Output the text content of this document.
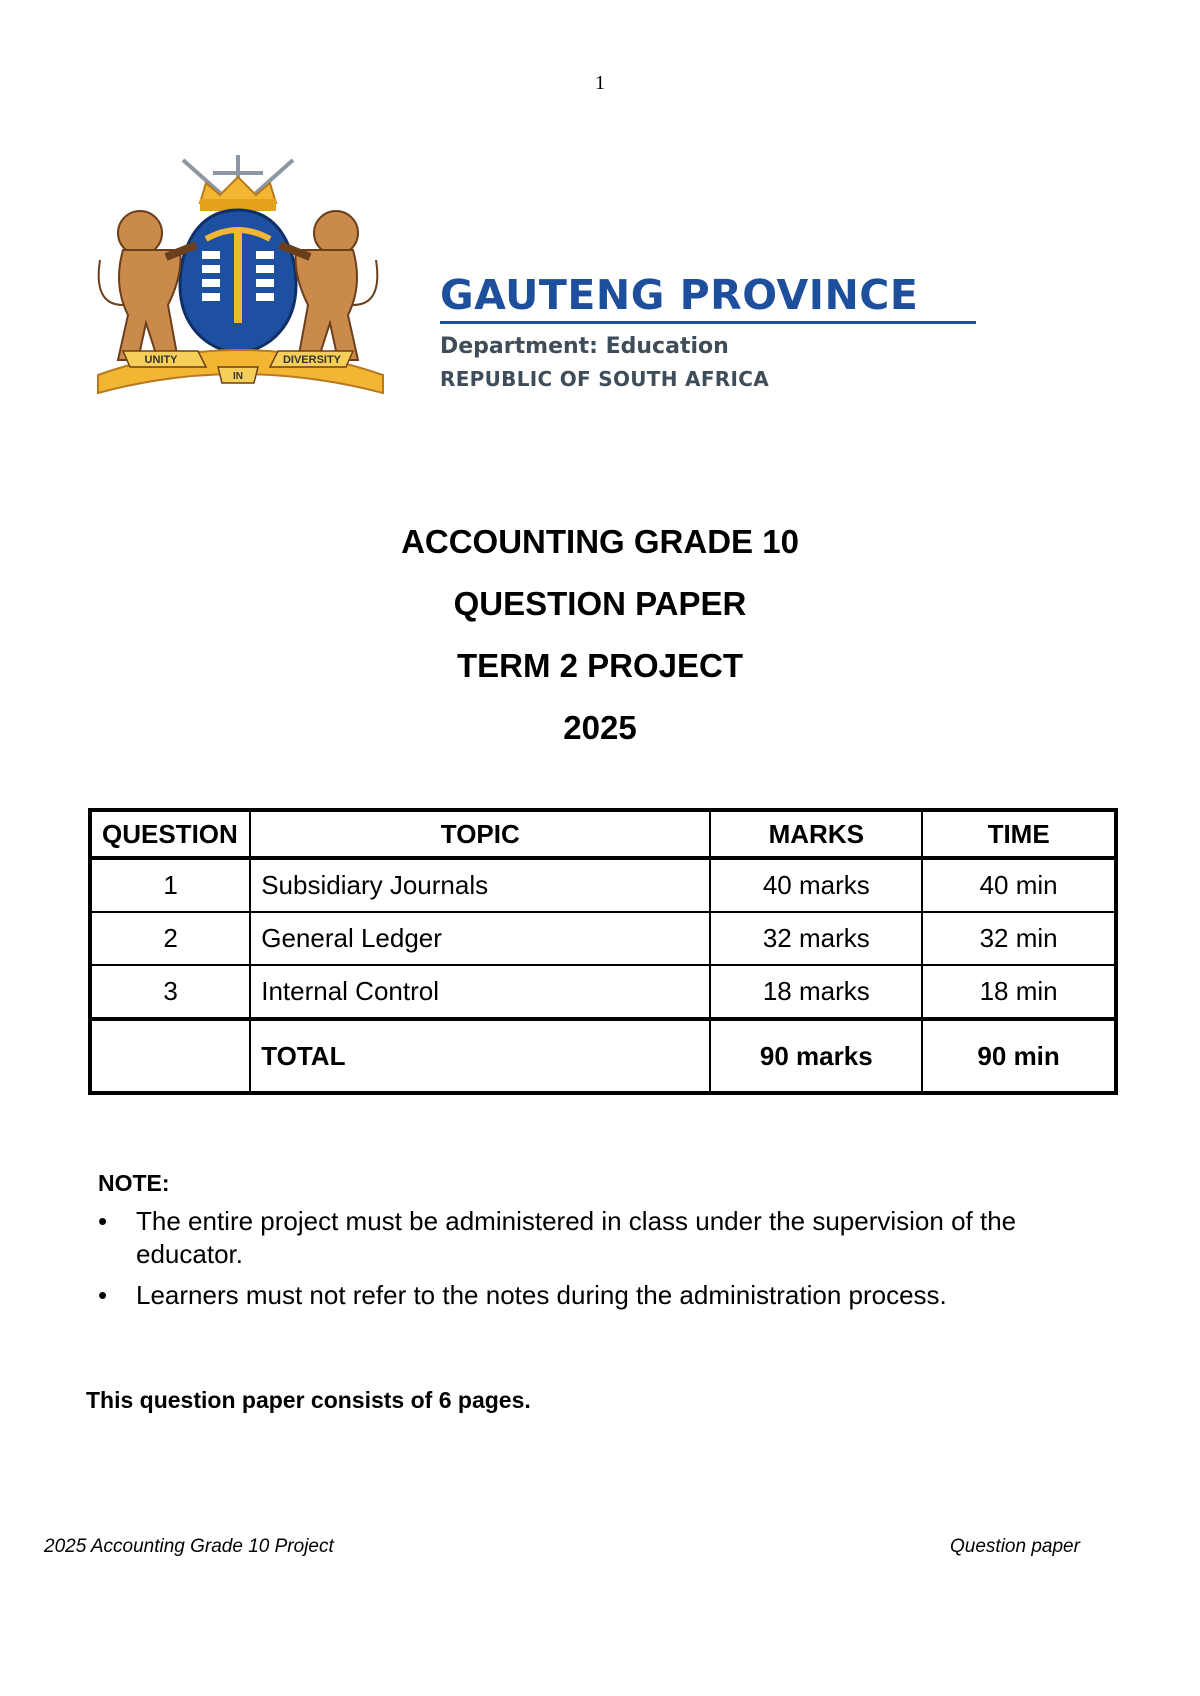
1
UNITY
IN
DIVERSITY
GAUTENG PROVINCE
Department: Education
REPUBLIC OF SOUTH AFRICA
ACCOUNTING GRADE 10
QUESTION PAPER
TERM 2 PROJECT
2025
QUESTION	TOPIC	MARKS	TIME
1	Subsidiary Journals	40 marks	40 min
2	General Ledger	32 marks	32 min
3	Internal Control	18 marks	18 min
	TOTAL	90 marks	90 min
NOTE:
• The entire project must be administered in class under the supervision of the educator.
• Learners must not refer to the notes during the administration process.
This question paper consists of 6 pages.
2025 Accounting Grade 10 Project	Question paper
